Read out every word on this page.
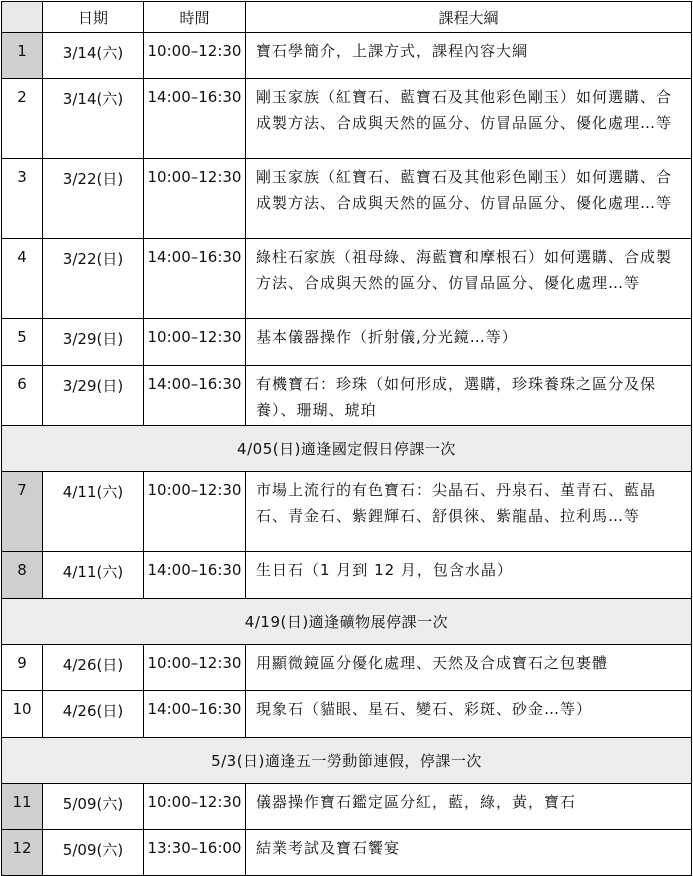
	日期	時間	課程大綱
1	3/14(六)	10:00–12:30	寶石學簡介，上課方式，課程內容大綱
2	3/14(六)	14:00–16:30	剛玉家族（紅寶石、藍寶石及其他彩色剛玉）如何選購、合成製方法、合成與天然的區分、仿冒品區分、優化處理…等
3	3/22(日)	10:00–12:30	剛玉家族（紅寶石、藍寶石及其他彩色剛玉）如何選購、合成製方法、合成與天然的區分、仿冒品區分、優化處理…等
4	3/22(日)	14:00–16:30	綠柱石家族（祖母綠、海藍寶和摩根石）如何選購、合成製方法、合成與天然的區分、仿冒品區分、優化處理…等
5	3/29(日)	10:00–12:30	基本儀器操作（折射儀,分光鏡…等）
6	3/29(日)	14:00–16:30	有機寶石：珍珠（如何形成，選購，珍珠養珠之區分及保養）、珊瑚、琥珀
4/05(日)適逢國定假日停課一次			
7	4/11(六)	10:00–12:30	市場上流行的有色寶石：尖晶石、丹泉石、堇青石、藍晶石、青金石、紫鋰輝石、舒俱徠、紫龍晶、拉利馬…等
8	4/11(六)	14:00–16:30	生日石（1 月到 12 月，包含水晶）
4/19(日)適逢礦物展停課一次			
9	4/26(日)	10:00–12:30	用顯微鏡區分優化處理、天然及合成寶石之包裹體
10	4/26(日)	14:00–16:30	現象石（貓眼、星石、變石、彩斑、砂金…等）
5/3(日)適逢五一勞動節連假，停課一次			
11	5/09(六)	10:00–12:30	儀器操作寶石鑑定區分紅，藍，綠，黃，寶石
12	5/09(六)	13:30–16:00	結業考試及寶石饗宴
